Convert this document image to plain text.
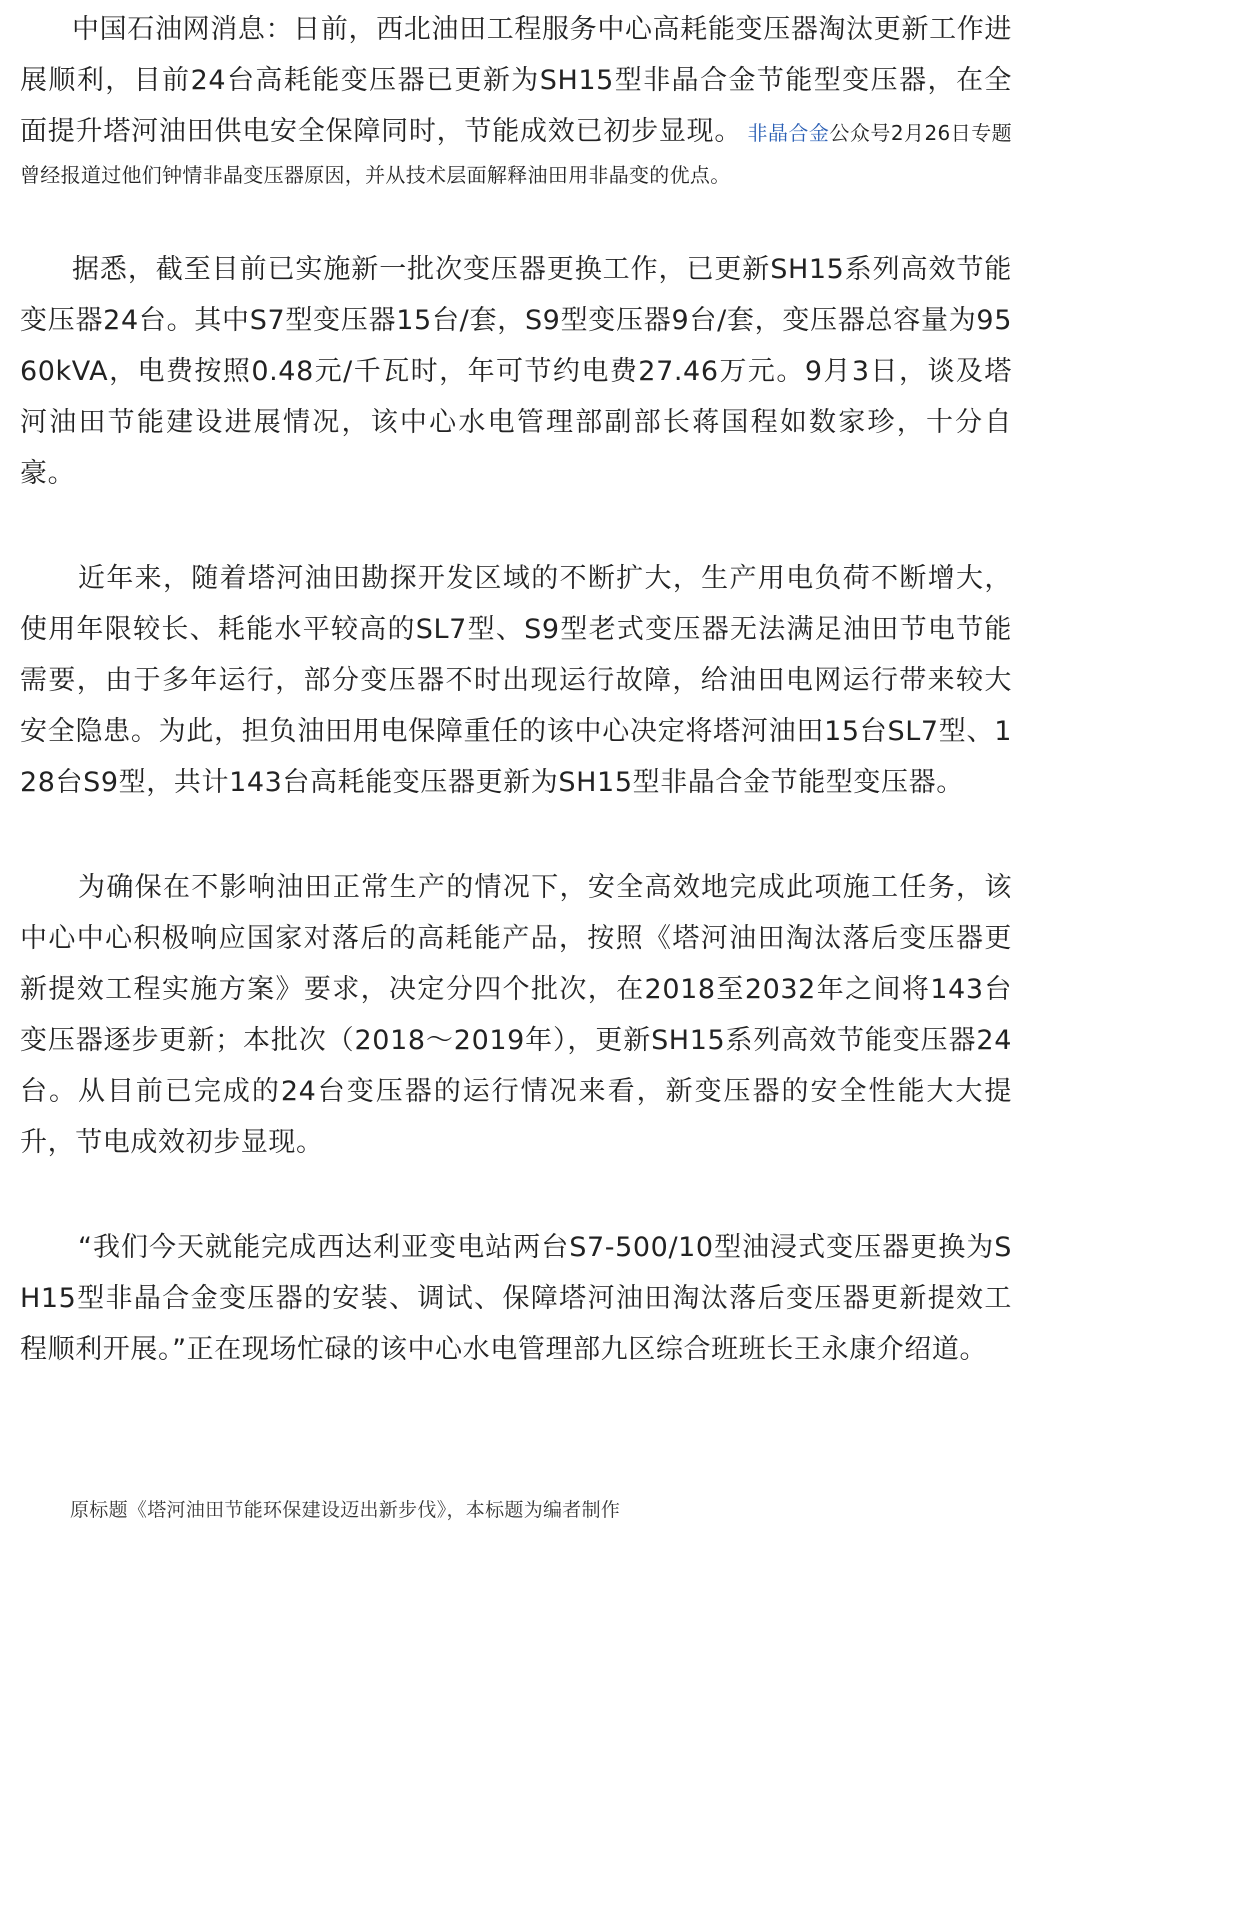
中国石油网消息：日前，西北油田工程服务中心高耗能变压器淘汰更新工作进展顺利，目前24台高耗能变压器已更新为SH15型非晶合金节能型变压器，在全面提升塔河油田供电安全保障同时，节能成效已初步显现。 非晶合金公众号2月26日专题曾经报道过他们钟情非晶变压器原因，并从技术层面解释油田用非晶变的优点。

据悉，截至目前已实施新一批次变压器更换工作，已更新SH15系列高效节能变压器24台。其中S7型变压器15台/套，S9型变压器9台/套，变压器总容量为9560kVA，电费按照0.48元/千瓦时，年可节约电费27.46万元。9月3日，谈及塔河油田节能建设进展情况，该中心水电管理部副部长蒋国程如数家珍，十分自豪。

近年来，随着塔河油田勘探开发区域的不断扩大，生产用电负荷不断增大，使用年限较长、耗能水平较高的SL7型、S9型老式变压器无法满足油田节电节能需要，由于多年运行，部分变压器不时出现运行故障，给油田电网运行带来较大安全隐患。为此，担负油田用电保障重任的该中心决定将塔河油田15台SL7型、128台S9型，共计143台高耗能变压器更新为SH15型非晶合金节能型变压器。

为确保在不影响油田正常生产的情况下，安全高效地完成此项施工任务，该中心中心积极响应国家对落后的高耗能产品，按照《塔河油田淘汰落后变压器更新提效工程实施方案》要求，决定分四个批次，在2018至2032年之间将143台变压器逐步更新；本批次（2018～2019年），更新SH15系列高效节能变压器24台。从目前已完成的24台变压器的运行情况来看，新变压器的安全性能大大提升，节电成效初步显现。

“我们今天就能完成西达利亚变电站两台S7-500/10型油浸式变压器更换为SH15型非晶合金变压器的安装、调试、保障塔河油田淘汰落后变压器更新提效工程顺利开展。”正在现场忙碌的该中心水电管理部九区综合班班长王永康介绍道。

原标题《塔河油田节能环保建设迈出新步伐》，本标题为编者制作
